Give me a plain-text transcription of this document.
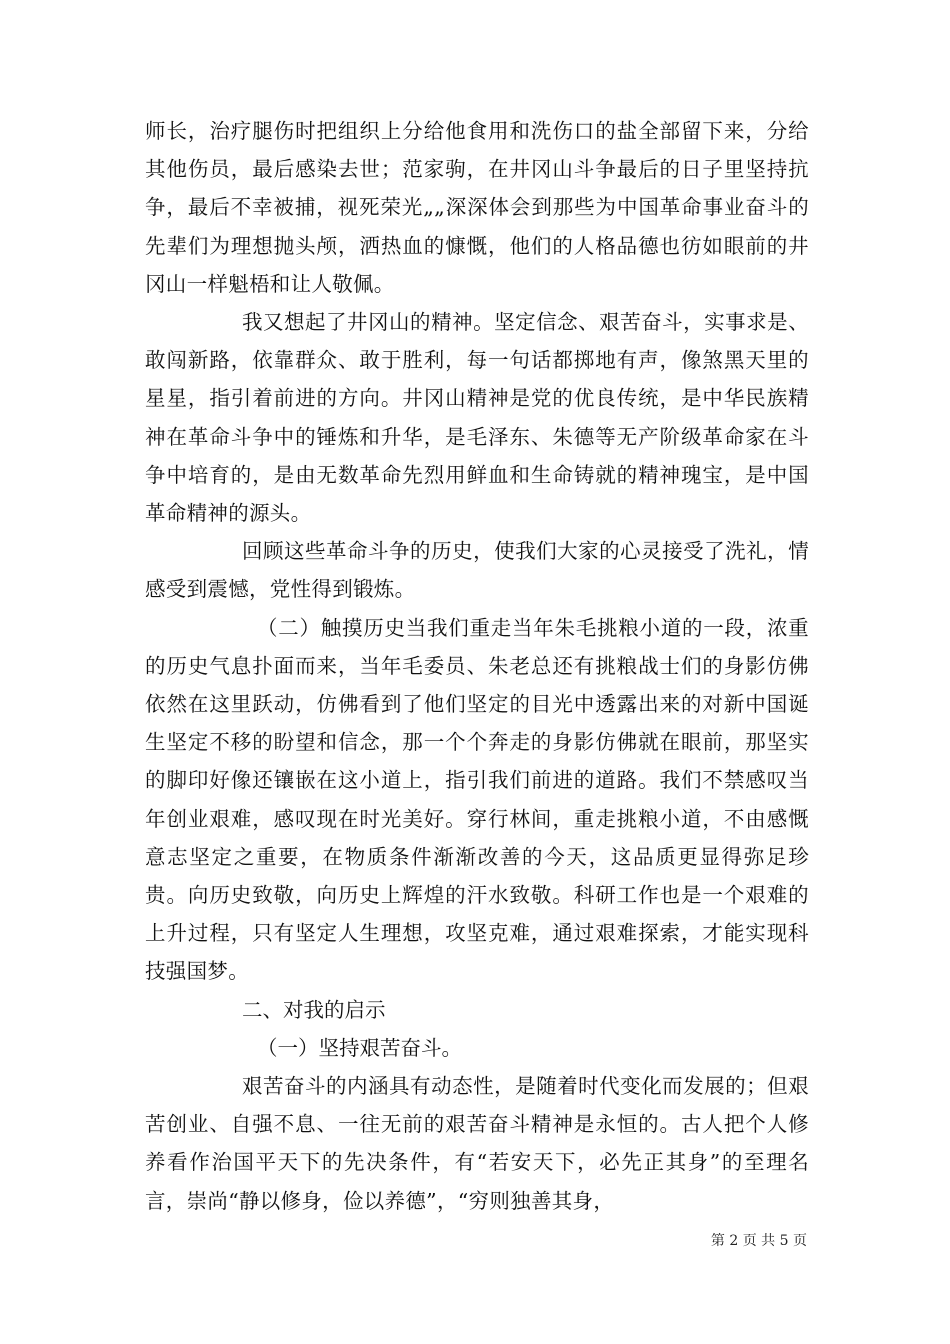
师长，治疗腿伤时把组织上分给他食用和洗伤口的盐全部留下来，分给其他伤员，最后感染去世；范家驹，在井冈山斗争最后的日子里坚持抗争，最后不幸被捕，视死荣光„„深深体会到那些为中国革命事业奋斗的先辈们为理想抛头颅，洒热血的慷慨，他们的人格品德也彷如眼前的井冈山一样魁梧和让人敬佩。

我又想起了井冈山的精神。坚定信念、艰苦奋斗，实事求是、敢闯新路，依靠群众、敢于胜利，每一句话都掷地有声，像煞黑天里的星星，指引着前进的方向。井冈山精神是党的优良传统，是中华民族精神在革命斗争中的锤炼和升华，是毛泽东、朱德等无产阶级革命家在斗争中培育的，是由无数革命先烈用鲜血和生命铸就的精神瑰宝，是中国革命精神的源头。

回顾这些革命斗争的历史，使我们大家的心灵接受了洗礼，情感受到震憾，党性得到锻炼。

（二）触摸历史当我们重走当年朱毛挑粮小道的一段，浓重的历史气息扑面而来，当年毛委员、朱老总还有挑粮战士们的身影仿佛依然在这里跃动，仿佛看到了他们坚定的目光中透露出来的对新中国诞生坚定不移的盼望和信念，那一个个奔走的身影仿佛就在眼前，那坚实的脚印好像还镶嵌在这小道上，指引我们前进的道路。我们不禁感叹当年创业艰难，感叹现在时光美好。穿行林间，重走挑粮小道，不由感慨意志坚定之重要，在物质条件渐渐改善的今天，这品质更显得弥足珍贵。向历史致敬，向历史上辉煌的汗水致敬。科研工作也是一个艰难的上升过程，只有坚定人生理想，攻坚克难，通过艰难探索，才能实现科技强国梦。

二、对我的启示

（一）坚持艰苦奋斗。

艰苦奋斗的内涵具有动态性，是随着时代变化而发展的；但艰苦创业、自强不息、一往无前的艰苦奋斗精神是永恒的。古人把个人修养看作治国平天下的先决条件，有“若安天下，必先正其身”的至理名言，崇尚“静以修身，俭以养德”，“穷则独善其身，

第 2 页 共 5 页
